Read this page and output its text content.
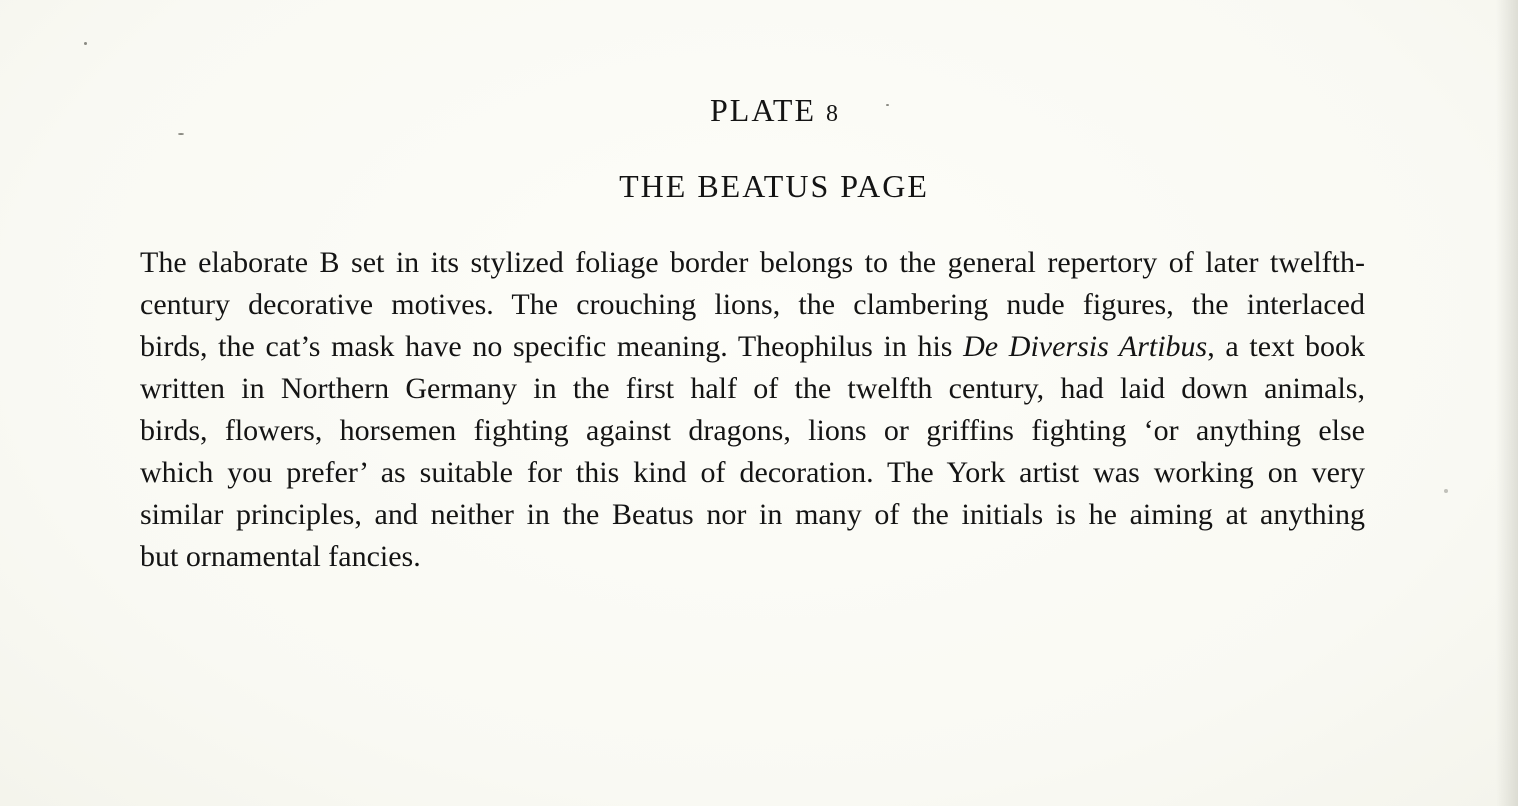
PLATE 8
THE BEATUS PAGE
The elaborate B set in its stylized foliage border belongs to the general repertory of later twelfth-
century decorative motives. The crouching lions, the clambering nude figures, the interlaced
birds, the cat’s mask have no specific meaning. Theophilus in his De Diversis Artibus, a text book
written in Northern Germany in the first half of the twelfth century, had laid down animals,
birds, flowers, horsemen fighting against dragons, lions or griffins fighting ‘or anything else
which you prefer’ as suitable for this kind of decoration. The York artist was working on very
similar principles, and neither in the Beatus nor in many of the initials is he aiming at anything
but ornamental fancies.
